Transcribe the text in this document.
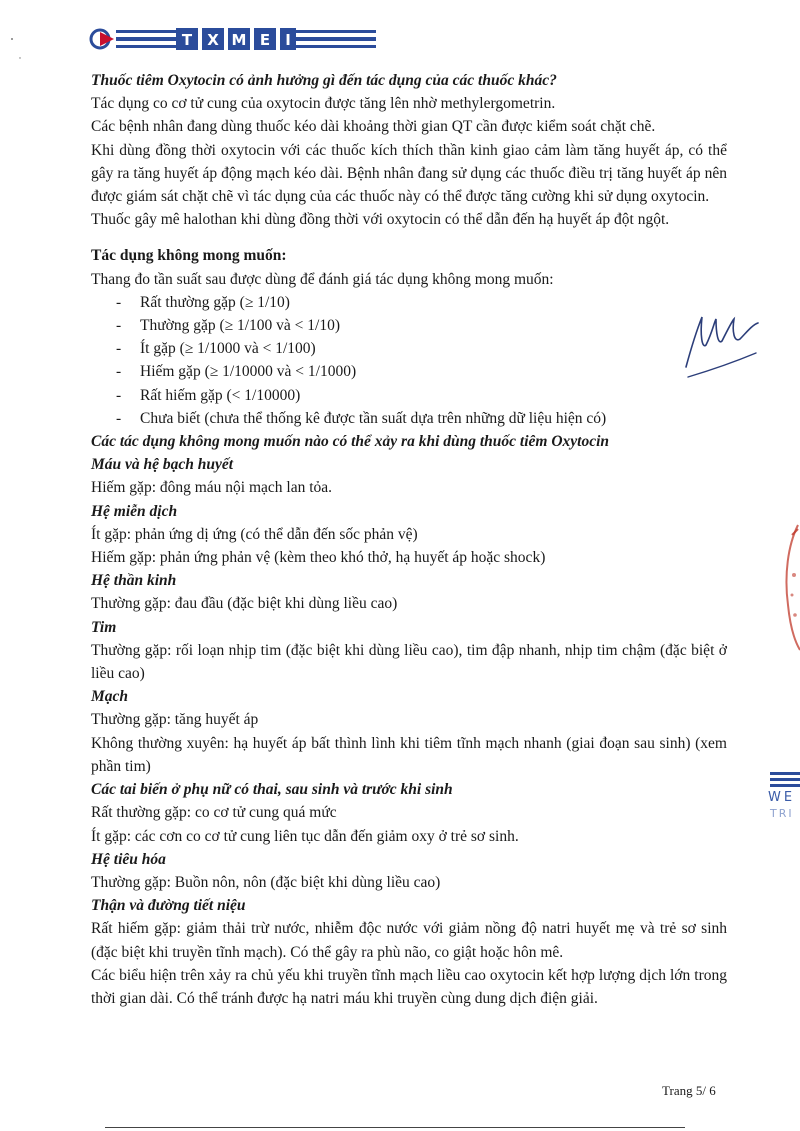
T X M E I

Thuốc tiêm Oxytocin có ảnh hưởng gì đến tác dụng của các thuốc khác?

Tác dụng co cơ tử cung của oxytocin được tăng lên nhờ methylergometrin.

Các bệnh nhân đang dùng thuốc kéo dài khoảng thời gian QT cần được kiểm soát chặt chẽ.

Khi dùng đồng thời oxytocin với các thuốc kích thích thần kinh giao cảm làm tăng huyết áp, có thể gây ra tăng huyết áp động mạch kéo dài. Bệnh nhân đang sử dụng các thuốc điều trị tăng huyết áp nên được giám sát chặt chẽ vì tác dụng của các thuốc này có thể được tăng cường khi sử dụng oxytocin.

Thuốc gây mê halothan khi dùng đồng thời với oxytocin có thể dẫn đến hạ huyết áp đột ngột.

Tác dụng không mong muốn:

Thang đo tần suất sau được dùng để đánh giá tác dụng không mong muốn:

- Rất thường gặp (≥ 1/10)
- Thường gặp (≥ 1/100 và < 1/10)
- Ít gặp (≥ 1/1000 và < 1/100)
- Hiếm gặp (≥ 1/10000 và < 1/1000)
- Rất hiếm gặp (< 1/10000)
- Chưa biết (chưa thể thống kê được tần suất dựa trên những dữ liệu hiện có)

Các tác dụng không mong muốn nào có thể xảy ra khi dùng thuốc tiêm Oxytocin

Máu và hệ bạch huyết

Hiếm gặp: đông máu nội mạch lan tỏa.

Hệ miễn dịch

Ít gặp: phản ứng dị ứng (có thể dẫn đến sốc phản vệ)

Hiếm gặp: phản ứng phản vệ (kèm theo khó thở, hạ huyết áp hoặc shock)

Hệ thần kinh

Thường gặp: đau đầu (đặc biệt khi dùng liều cao)

Tim

Thường gặp: rối loạn nhịp tim (đặc biệt khi dùng liều cao), tim đập nhanh, nhịp tim chậm (đặc biệt ở liều cao)

Mạch

Thường gặp: tăng huyết áp

Không thường xuyên: hạ huyết áp bất thình lình khi tiêm tĩnh mạch nhanh (giai đoạn sau sinh) (xem phần tim)

Các tai biến ở phụ nữ có thai, sau sinh và trước khi sinh

Rất thường gặp: co cơ tử cung quá mức

Ít gặp: các cơn co cơ tử cung liên tục dẫn đến giảm oxy ở trẻ sơ sinh.

Hệ tiêu hóa

Thường gặp: Buồn nôn, nôn (đặc biệt khi dùng liều cao)

Thận và đường tiết niệu

Rất hiếm gặp: giảm thải trừ nước, nhiễm độc nước với giảm nồng độ natri huyết mẹ và trẻ sơ sinh (đặc biệt khi truyền tĩnh mạch). Có thể gây ra phù não, co giật hoặc hôn mê.

Các biểu hiện trên xảy ra chủ yếu khi truyền tĩnh mạch liều cao oxytocin kết hợp lượng dịch lớn trong thời gian dài. Có thể tránh được hạ natri máu khi truyền cùng dung dịch điện giải.

WE
TRI
Trang 5/ 6
